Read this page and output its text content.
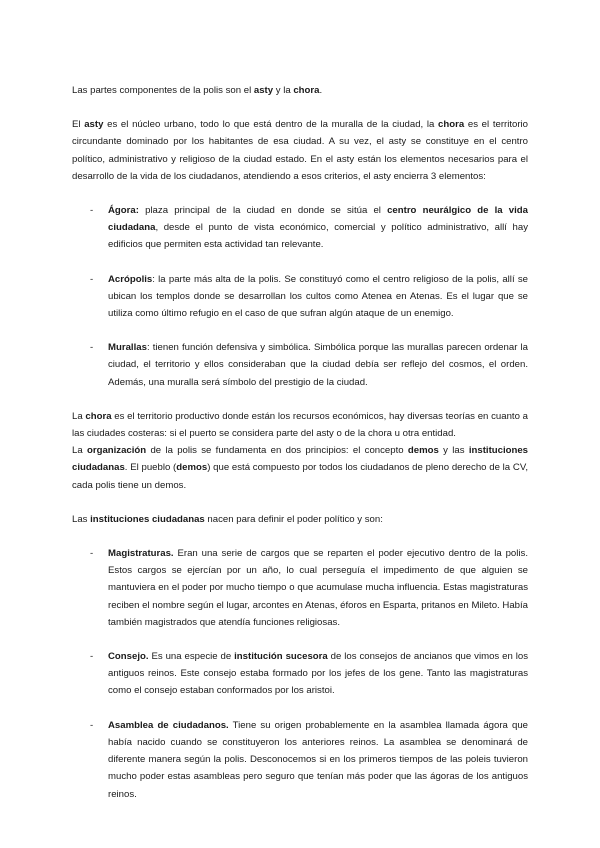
Las partes componentes de la polis son el asty y la chora.

El asty es el núcleo urbano, todo lo que está dentro de la muralla de la ciudad, la chora es el territorio circundante dominado por los habitantes de esa ciudad. A su vez, el asty se constituye en el centro político, administrativo y religioso de la ciudad estado. En el asty están los elementos necesarios para el desarrollo de la vida de los ciudadanos, atendiendo a esos criterios, el asty encierra 3 elementos:

-	Ágora: plaza principal de la ciudad en donde se sitúa el centro neurálgico de la vida ciudadana, desde el punto de vista económico, comercial y político administrativo, allí hay edificios que permiten esta actividad tan relevante.
-	Acrópolis: la parte más alta de la polis. Se constituyó como el centro religioso de la polis, allí se ubican los templos donde se desarrollan los cultos como Atenea en Atenas. Es el lugar que se utiliza como último refugio en el caso de que sufran algún ataque de un enemigo.
-	Murallas: tienen función defensiva y simbólica. Simbólica porque las murallas parecen ordenar la ciudad, el territorio y ellos consideraban que la ciudad debía ser reflejo del cosmos, el orden. Además, una muralla será símbolo del prestigio de la ciudad.

La chora es el territorio productivo donde están los recursos económicos, hay diversas teorías en cuanto a las ciudades costeras: si el puerto se considera parte del asty o de la chora u otra entidad.

La organización de la polis se fundamenta en dos principios: el concepto demos y las instituciones ciudadanas. El pueblo (demos) que está compuesto por todos los ciudadanos de pleno derecho de la CV, cada polis tiene un demos.

Las instituciones ciudadanas nacen para definir el poder político y son:

-	Magistraturas. Eran una serie de cargos que se reparten el poder ejecutivo dentro de la polis. Estos cargos se ejercían por un año, lo cual perseguía el impedimento de que alguien se mantuviera en el poder por mucho tiempo o que acumulase mucha influencia. Estas magistraturas reciben el nombre según el lugar, arcontes en Atenas, éforos en Esparta, pritanos en Mileto. Había también magistrados que atendía funciones religiosas.
-	Consejo. Es una especie de institución sucesora de los consejos de ancianos que vimos en los antiguos reinos. Este consejo estaba formado por los jefes de los gene. Tanto las magistraturas como el consejo estaban conformados por los aristoi.
-	Asamblea de ciudadanos. Tiene su origen probablemente en la asamblea llamada ágora que había nacido cuando se constituyeron los anteriores reinos. La asamblea se denominará de diferente manera según la polis. Desconocemos si en los primeros tiempos de las poleis tuvieron mucho poder estas asambleas pero seguro que tenían más poder que las ágoras de los antiguos reinos.
